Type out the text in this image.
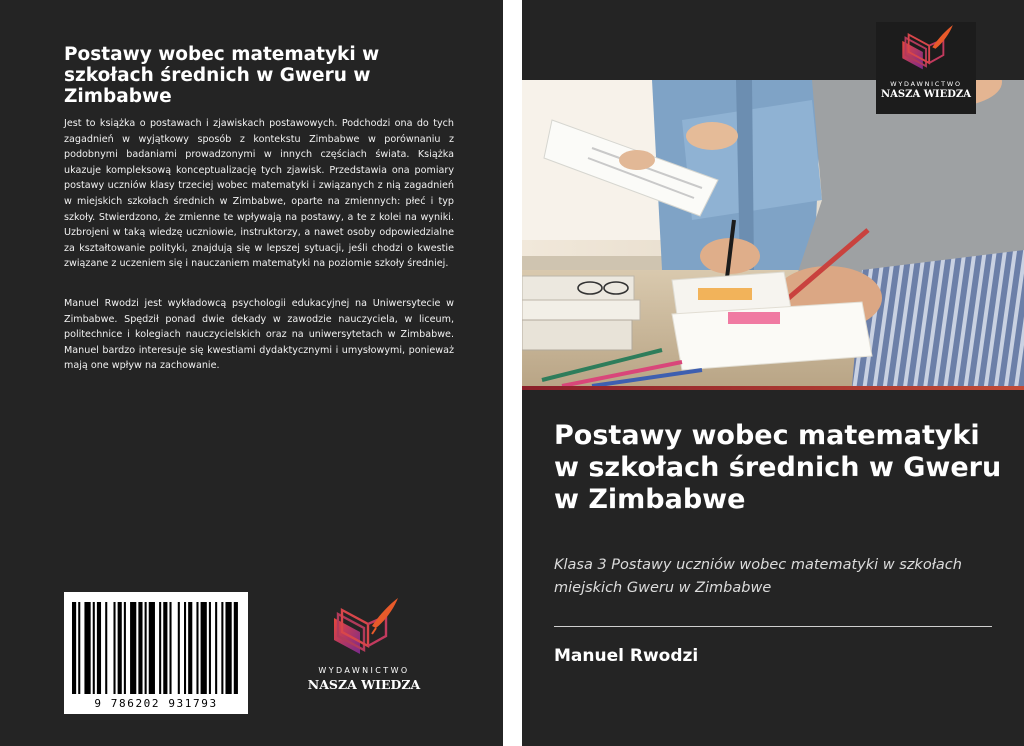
Postawy wobec matematyki w szkołach średnich w Gweru w Zimbabwe

Jest to książka o postawach i zjawiskach postawowych. Podchodzi ona do tych zagadnień w wyjątkowy sposób z kontekstu Zimbabwe w porównaniu z podobnymi badaniami prowadzonymi w innych częściach świata. Książka ukazuje kompleksową konceptualizację tych zjawisk. Przedstawia ona pomiary postawy uczniów klasy trzeciej wobec matematyki i związanych z nią zagadnień w miejskich szkołach średnich w Zimbabwe, oparte na zmiennych: płeć i typ szkoły. Stwierdzono, że zmienne te wpływają na postawy, a te z kolei na wyniki. Uzbrojeni w taką wiedzę uczniowie, instruktorzy, a nawet osoby odpowiedzialne za kształtowanie polityki, znajdują się w lepszej sytuacji, jeśli chodzi o kwestie związane z uczeniem się i nauczaniem matematyki na poziomie szkoły średniej.

Manuel Rwodzi jest wykładowcą psychologii edukacyjnej na Uniwersytecie w Zimbabwe. Spędził ponad dwie dekady w zawodzie nauczyciela, w liceum, politechnice i kolegiach nauczycielskich oraz na uniwersytetach w Zimbabwe. Manuel bardzo interesuje się kwestiami dydaktycznymi i umysłowymi, ponieważ mają one wpływ na zachowanie.

9 786202 931793
WYDAWNICTWO
NASZA WIEDZA
WYDAWNICTWO
NASZA WIEDZA
Postawy wobec matematyki w szkołach średnich w Gweru w Zimbabwe

Klasa 3 Postawy uczniów wobec matematyki w szkołach miejskich Gweru w Zimbabwe

Manuel Rwodzi
